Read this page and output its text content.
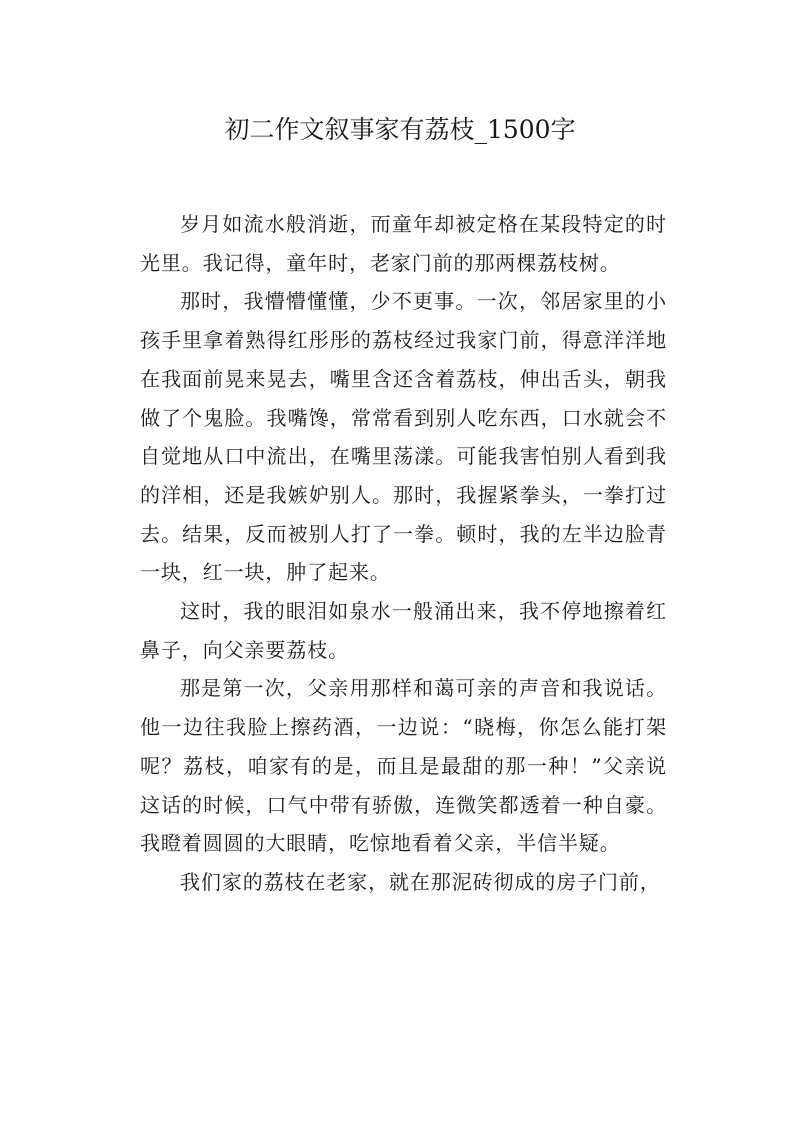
初二作文叙事家有荔枝_1500字

岁月如流水般消逝，而童年却被定格在某段特定的时光里。我记得，童年时，老家门前的那两棵荔枝树。

那时，我懵懵懂懂，少不更事。一次，邻居家里的小孩手里拿着熟得红彤彤的荔枝经过我家门前，得意洋洋地在我面前晃来晃去，嘴里含还含着荔枝，伸出舌头，朝我做了个鬼脸。我嘴馋，常常看到别人吃东西，口水就会不自觉地从口中流出，在嘴里荡漾。可能我害怕别人看到我的洋相，还是我嫉妒别人。那时，我握紧拳头，一拳打过去。结果，反而被别人打了一拳。顿时，我的左半边脸青一块，红一块，肿了起来。

这时，我的眼泪如泉水一般涌出来，我不停地擦着红鼻子，向父亲要荔枝。

那是第一次，父亲用那样和蔼可亲的声音和我说话。他一边往我脸上擦药酒，一边说：“晓梅，你怎么能打架呢？荔枝，咱家有的是，而且是最甜的那一种！”父亲说这话的时候，口气中带有骄傲，连微笑都透着一种自豪。我瞪着圆圆的大眼睛，吃惊地看着父亲，半信半疑。

我们家的荔枝在老家，就在那泥砖彻成的房子门前，
